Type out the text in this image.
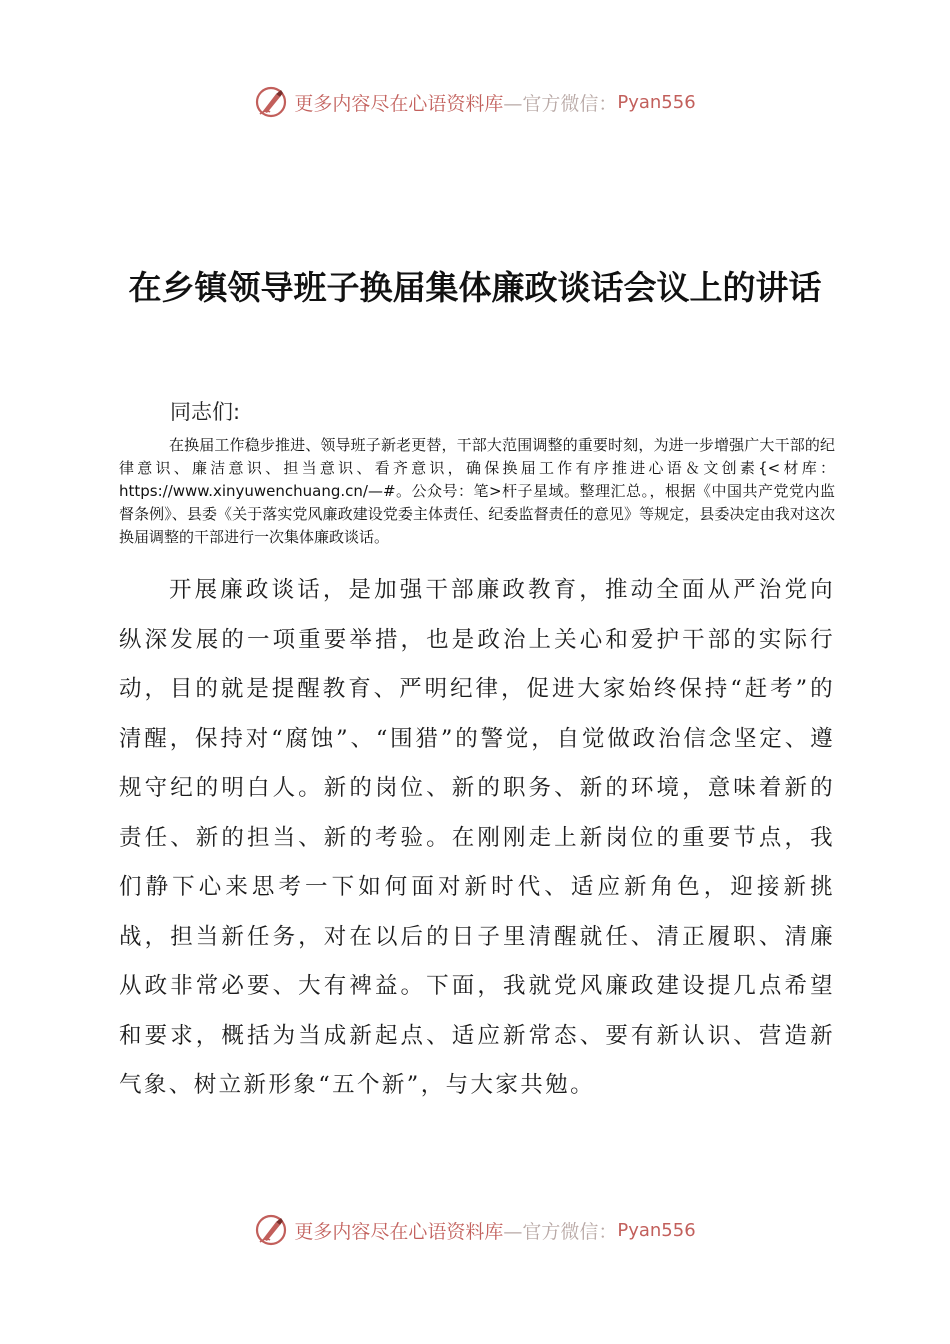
更多内容尽在心语资料库 —官方微信： Pyan556
在乡镇领导班子换届集体廉政谈话会议上的讲话

同志们:

在换届工作稳步推进、领导班子新老更替，干部大范围调整的重要时刻，为进一步增强广大干部的纪律意识、廉洁意识、担当意识、看齐意识，确保换届工作有序推进心语＆文创素{<材库：https://www.xinyuwenchuang.cn/—#。公众号：笔>杆子星域。整理汇总。，根据《中国共产党党内监督条例》、县委《关于落实党风廉政建设党委主体责任、纪委监督责任的意见》等规定，县委决定由我对这次换届调整的干部进行一次集体廉政谈话。

开展廉政谈话，是加强干部廉政教育，推动全面从严治党向纵深发展的一项重要举措，也是政治上关心和爱护干部的实际行动，目的就是提醒教育、严明纪律，促进大家始终保持“赶考”的清醒，保持对“腐蚀”、“围猎”的警觉，自觉做政治信念坚定、遵规守纪的明白人。新的岗位、新的职务、新的环境，意味着新的责任、新的担当、新的考验。在刚刚走上新岗位的重要节点，我们静下心来思考一下如何面对新时代、适应新角色，迎接新挑战，担当新任务，对在以后的日子里清醒就任、清正履职、清廉从政非常必要、大有裨益。下面，我就党风廉政建设提几点希望和要求，概括为当成新起点、适应新常态、要有新认识、营造新气象、树立新形象“五个新”，与大家共勉。

更多内容尽在心语资料库 —官方微信： Pyan556
